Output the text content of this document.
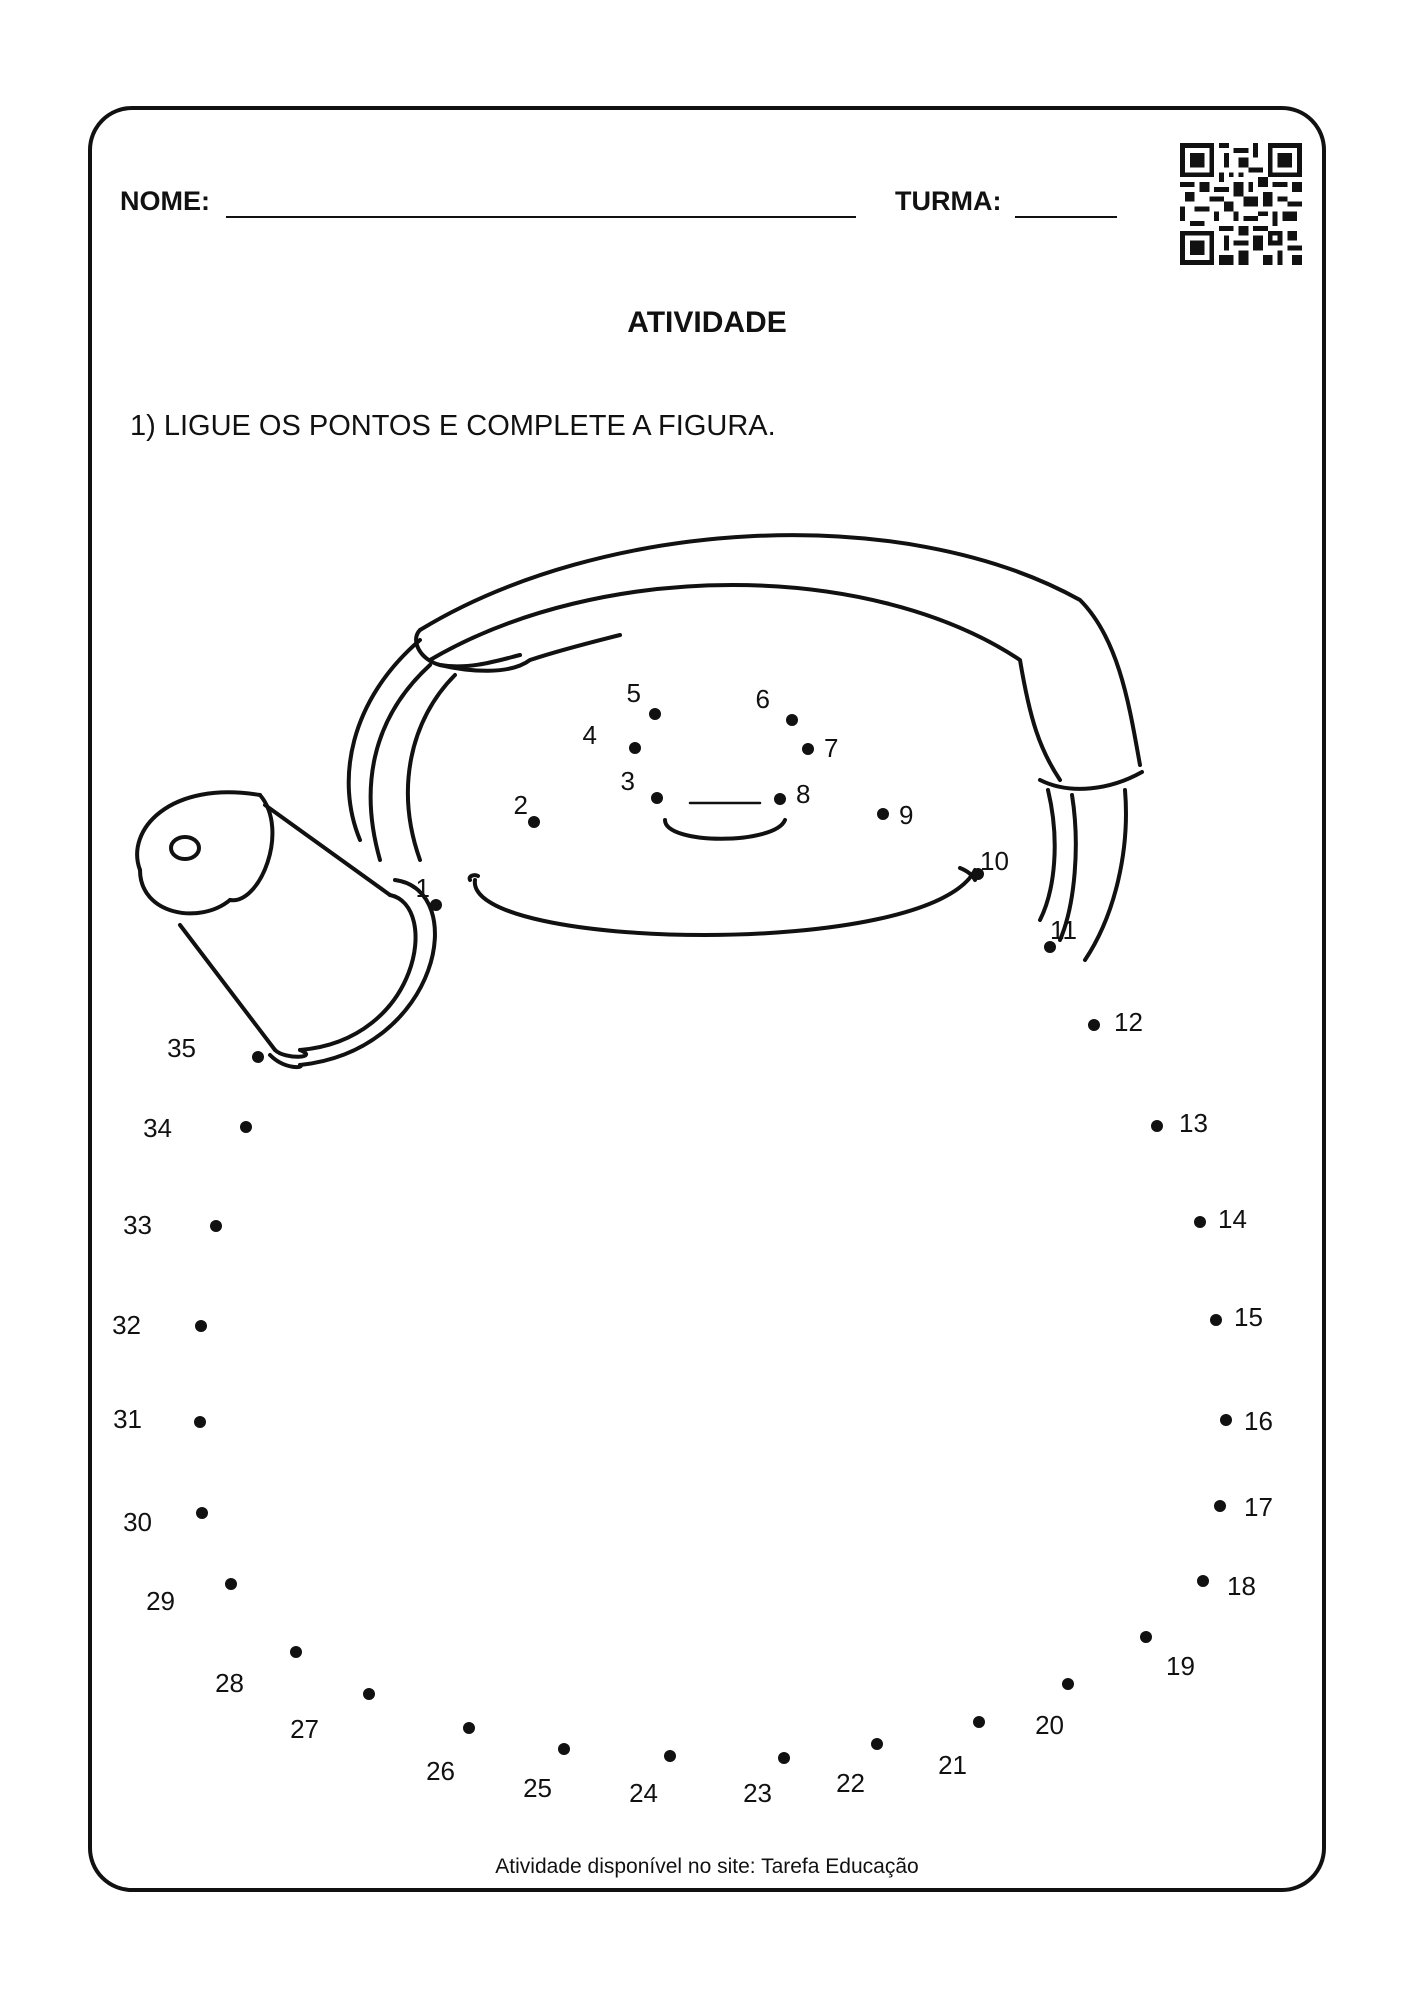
NOME:	TURMA:
ATIVIDADE
1) LIGUE OS PONTOS E COMPLETE A FIGURA.
1
2
3
4
5	6
7
8
9
10
11
12
13
14
15
16
17
18
19
20
21
22
23
24
25
26
27
28
29
30
31
32
33
34
35
Atividade disponível no site: Tarefa Educação
